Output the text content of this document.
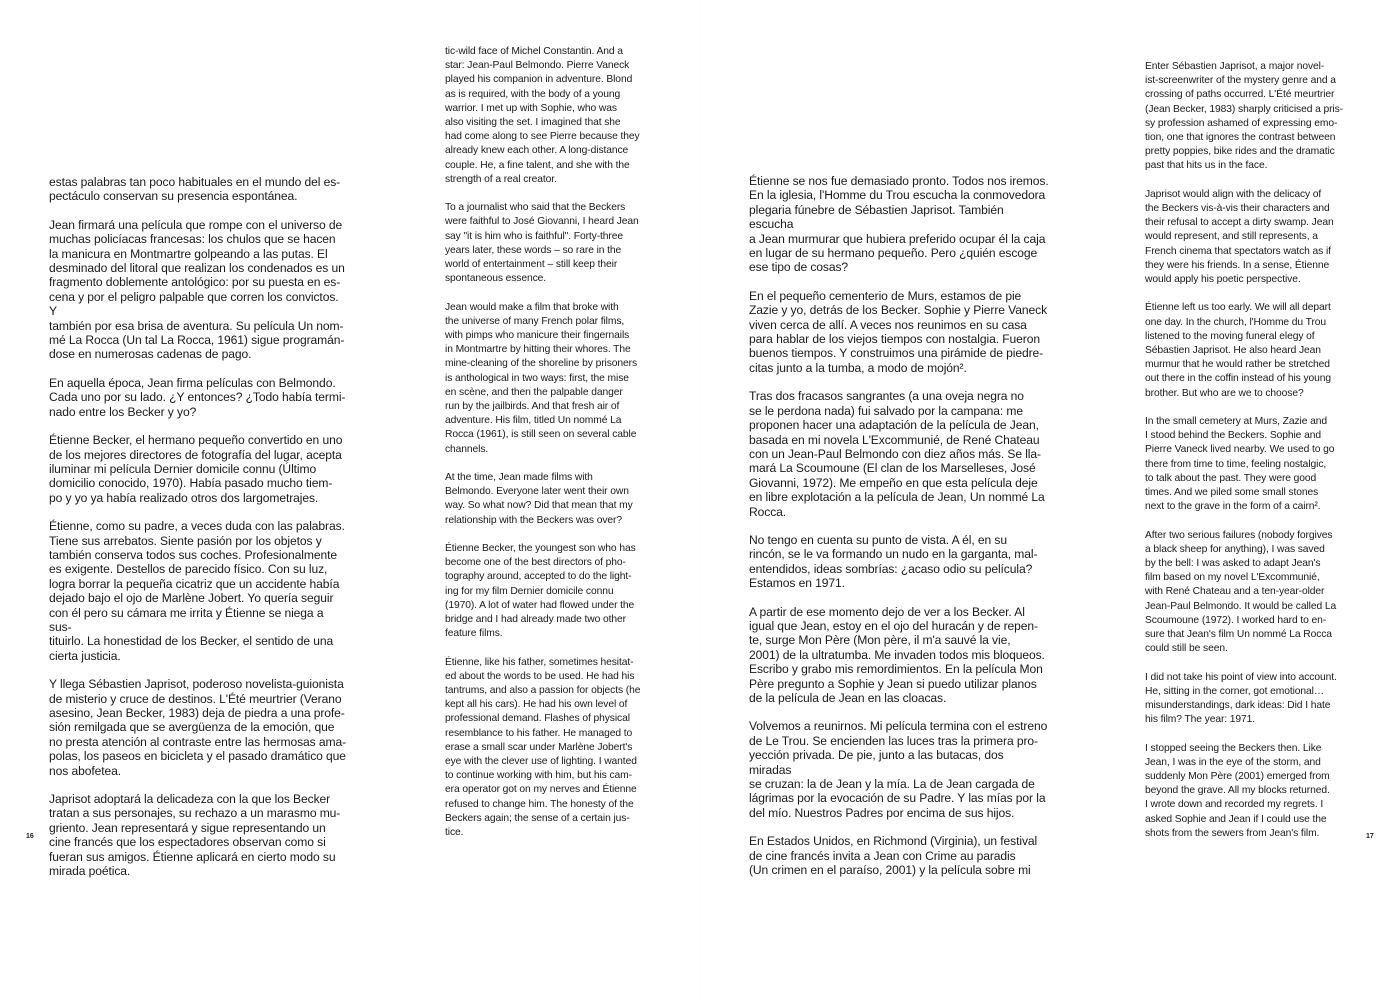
estas palabras tan poco habituales en el mundo del es-
pectáculo conservan su presencia espontánea.

Jean firmará una película que rompe con el universo de
muchas policíacas francesas: los chulos que se hacen
la manicura en Montmartre golpeando a las putas. El
desminado del litoral que realizan los condenados es un
fragmento doblemente antológico: por su puesta en es-
cena y por el peligro palpable que corren los convictos. Y
también por esa brisa de aventura. Su película Un nom-
mé La Rocca (Un tal La Rocca, 1961) sigue programán-
dose en numerosas cadenas de pago.

En aquella época, Jean firma películas con Belmondo.
Cada uno por su lado. ¿Y entonces? ¿Todo había termi-
nado entre los Becker y yo?

Étienne Becker, el hermano pequeño convertido en uno
de los mejores directores de fotografía del lugar, acepta
iluminar mi película Dernier domicile connu (Último
domicilio conocido, 1970). Había pasado mucho tiem-
po y yo ya había realizado otros dos largometrajes.

Étienne, como su padre, a veces duda con las palabras.
Tiene sus arrebatos. Siente pasión por los objetos y
también conserva todos sus coches. Profesionalmente
es exigente. Destellos de parecido físico. Con su luz,
logra borrar la pequeña cicatriz que un accidente había
dejado bajo el ojo de Marlène Jobert. Yo quería seguir
con él pero su cámara me irrita y Étienne se niega a sus-
tituirlo. La honestidad de los Becker, el sentido de una
cierta justicia.

Y llega Sébastien Japrisot, poderoso novelista-guionista
de misterio y cruce de destinos. L'Été meurtrier (Verano
asesino, Jean Becker, 1983) deja de piedra a una profe-
sión remilgada que se avergüenza de la emoción, que
no presta atención al contraste entre las hermosas ama-
polas, los paseos en bicicleta y el pasado dramático que
nos abofetea.

Japrisot adoptará la delicadeza con la que los Becker
tratan a sus personajes, su rechazo a un marasmo mu-
griento. Jean representará y sigue representando un
cine francés que los espectadores observan como si
fueran sus amigos. Étienne aplicará en cierto modo su
mirada poética.

tic-wild face of Michel Constantin. And a
star: Jean-Paul Belmondo. Pierre Vaneck
played his companion in adventure. Blond
as is required, with the body of a young
warrior. I met up with Sophie, who was
also visiting the set. I imagined that she
had come along to see Pierre because they
already knew each other. A long-distance
couple. He, a fine talent, and she with the
strength of a real creator.

To a journalist who said that the Beckers
were faithful to José Giovanni, I heard Jean
say "it is him who is faithful". Forty-three
years later, these words – so rare in the
world of entertainment – still keep their
spontaneous essence.

Jean would make a film that broke with
the universe of many French polar films,
with pimps who manicure their fingernails
in Montmartre by hitting their whores. The
mine-cleaning of the shoreline by prisoners
is anthological in two ways: first, the mise
en scène, and then the palpable danger
run by the jailbirds. And that fresh air of
adventure. His film, titled Un nommé La
Rocca (1961), is still seen on several cable
channels.

At the time, Jean made films with
Belmondo. Everyone later went their own
way. So what now? Did that mean that my
relationship with the Beckers was over?

Étienne Becker, the youngest son who has
become one of the best directors of pho-
tography around, accepted to do the light-
ing for my film Dernier domicile connu
(1970). A lot of water had flowed under the
bridge and I had already made two other
feature films.

Étienne, like his father, sometimes hesitat-
ed about the words to be used. He had his
tantrums, and also a passion for objects (he
kept all his cars). He had his own level of
professional demand. Flashes of physical
resemblance to his father. He managed to
erase a small scar under Marlène Jobert's
eye with the clever use of lighting. I wanted
to continue working with him, but his cam-
era operator got on my nerves and Étienne
refused to change him. The honesty of the
Beckers again; the sense of a certain jus-
tice.

Étienne se nos fue demasiado pronto. Todos nos iremos.
En la iglesia, l'Homme du Trou escucha la conmovedora
plegaria fúnebre de Sébastien Japrisot. También escucha
a Jean murmurar que hubiera preferido ocupar él la caja
en lugar de su hermano pequeño. Pero ¿quién escoge
ese tipo de cosas?

En el pequeño cementerio de Murs, estamos de pie
Zazie y yo, detrás de los Becker. Sophie y Pierre Vaneck
viven cerca de allí. A veces nos reunimos en su casa
para hablar de los viejos tiempos con nostalgia. Fueron
buenos tiempos. Y construimos una pirámide de piedre-
citas junto a la tumba, a modo de mojón².

Tras dos fracasos sangrantes (a una oveja negra no
se le perdona nada) fui salvado por la campana: me
proponen hacer una adaptación de la película de Jean,
basada en mi novela L'Excommunié, de René Chateau
con un Jean-Paul Belmondo con diez años más. Se lla-
mará La Scoumoune (El clan de los Marselleses, José
Giovanni, 1972). Me empeño en que esta película deje
en libre explotación a la película de Jean, Un nommé La
Rocca.

No tengo en cuenta su punto de vista. A él, en su
rincón, se le va formando un nudo en la garganta, mal-
entendidos, ideas sombrías: ¿acaso odio su película?
Estamos en 1971.

A partir de ese momento dejo de ver a los Becker. Al
igual que Jean, estoy en el ojo del huracán y de repen-
te, surge Mon Père (Mon père, il m'a sauvé la vie,
2001) de la ultratumba. Me invaden todos mis bloqueos.
Escribo y grabo mis remordimientos. En la película Mon
Père pregunto a Sophie y Jean si puedo utilizar planos
de la película de Jean en las cloacas.

Volvemos a reunirnos. Mi película termina con el estreno
de Le Trou. Se encienden las luces tras la primera pro-
yección privada. De pie, junto a las butacas, dos miradas
se cruzan: la de Jean y la mía. La de Jean cargada de
lágrimas por la evocación de su Padre. Y las mías por la
del mío. Nuestros Padres por encima de sus hijos.

En Estados Unidos, en Richmond (Virginia), un festival
de cine francés invita a Jean con Crime au paradis
(Un crimen en el paraíso, 2001) y la película sobre mi

Enter Sébastien Japrisot, a major novel-
ist-screenwriter of the mystery genre and a
crossing of paths occurred. L'Été meurtrier
(Jean Becker, 1983) sharply criticised a pris-
sy profession ashamed of expressing emo-
tion, one that ignores the contrast between
pretty poppies, bike rides and the dramatic
past that hits us in the face.

Japrisot would align with the delicacy of
the Beckers vis-à-vis their characters and
their refusal to accept a dirty swamp. Jean
would represent, and still represents, a
French cinema that spectators watch as if
they were his friends. In a sense, Étienne
would apply his poetic perspective.

Étienne left us too early. We will all depart
one day. In the church, l'Homme du Trou
listened to the moving funeral elegy of
Sébastien Japrisot. He also heard Jean
murmur that he would rather be stretched
out there in the coffin instead of his young
brother. But who are we to choose?

In the small cemetery at Murs, Zazie and
I stood behind the Beckers. Sophie and
Pierre Vaneck lived nearby. We used to go
there from time to time, feeling nostalgic,
to talk about the past. They were good
times. And we piled some small stones
next to the grave in the form of a cairn².

After two serious failures (nobody forgives
a black sheep for anything), I was saved
by the bell: I was asked to adapt Jean's
film based on my novel L'Excommunié,
with René Chateau and a ten-year-older
Jean-Paul Belmondo. It would be called La
Scoumoune (1972). I worked hard to en-
sure that Jean's film Un nommé La Rocca
could still be seen.

I did not take his point of view into account.
He, sitting in the corner, got emotional…
misunderstandings, dark ideas: Did I hate
his film? The year: 1971.

I stopped seeing the Beckers then. Like
Jean, I was in the eye of the storm, and
suddenly Mon Père (2001) emerged from
beyond the grave. All my blocks returned.
I wrote down and recorded my regrets. I
asked Sophie and Jean if I could use the
shots from the sewers from Jean's film.

16	17
